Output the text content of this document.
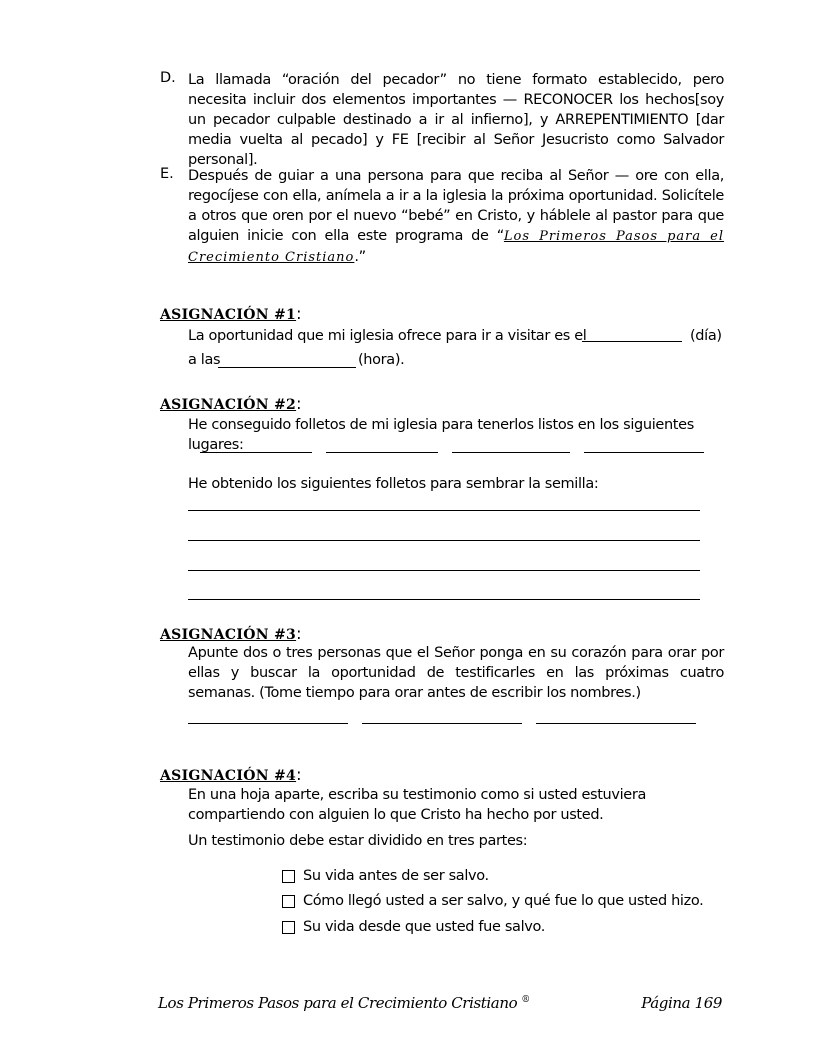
D. La llamada “oración del pecador” no tiene formato establecido, pero necesita incluir dos elementos importantes — RECONOCER los hechos[soy un pecador culpable destinado a ir al infierno], y ARREPENTIMIENTO [dar media vuelta al pecado] y FE [recibir al Señor Jesucristo como Salvador personal].
E. Después de guiar a una persona para que reciba al Señor — ore con ella, regocíjese con ella, anímela a ir a la iglesia la próxima oportunidad. Solicítele a otros que oren por el nuevo “bebé” en Cristo, y háblele al pastor para que alguien inicie con ella este programa de “Los Primeros Pasos para el Crecimiento Cristiano.”
ASIGNACIÓN #1:
La oportunidad que mi iglesia ofrece para ir a visitar es el	(día)
a las	(hora).
ASIGNACIÓN #2:
He conseguido folletos de mi iglesia para tenerlos listos en los siguientes lugares:
He obtenido los siguientes folletos para sembrar la semilla:
ASIGNACIÓN #3:
Apunte dos o tres personas que el Señor ponga en su corazón para orar por ellas y buscar la oportunidad de testificarles en las próximas cuatro semanas. (Tome tiempo para orar antes de escribir los nombres.)
ASIGNACIÓN #4:
En una hoja aparte, escriba su testimonio como si usted estuviera compartiendo con alguien lo que Cristo ha hecho por usted.
Un testimonio debe estar dividido en tres partes:
Su vida antes de ser salvo.
Cómo llegó usted a ser salvo, y qué fue lo que usted hizo.
Su vida desde que usted fue salvo.
Los Primeros Pasos para el Crecimiento Cristiano ®	Página 169
